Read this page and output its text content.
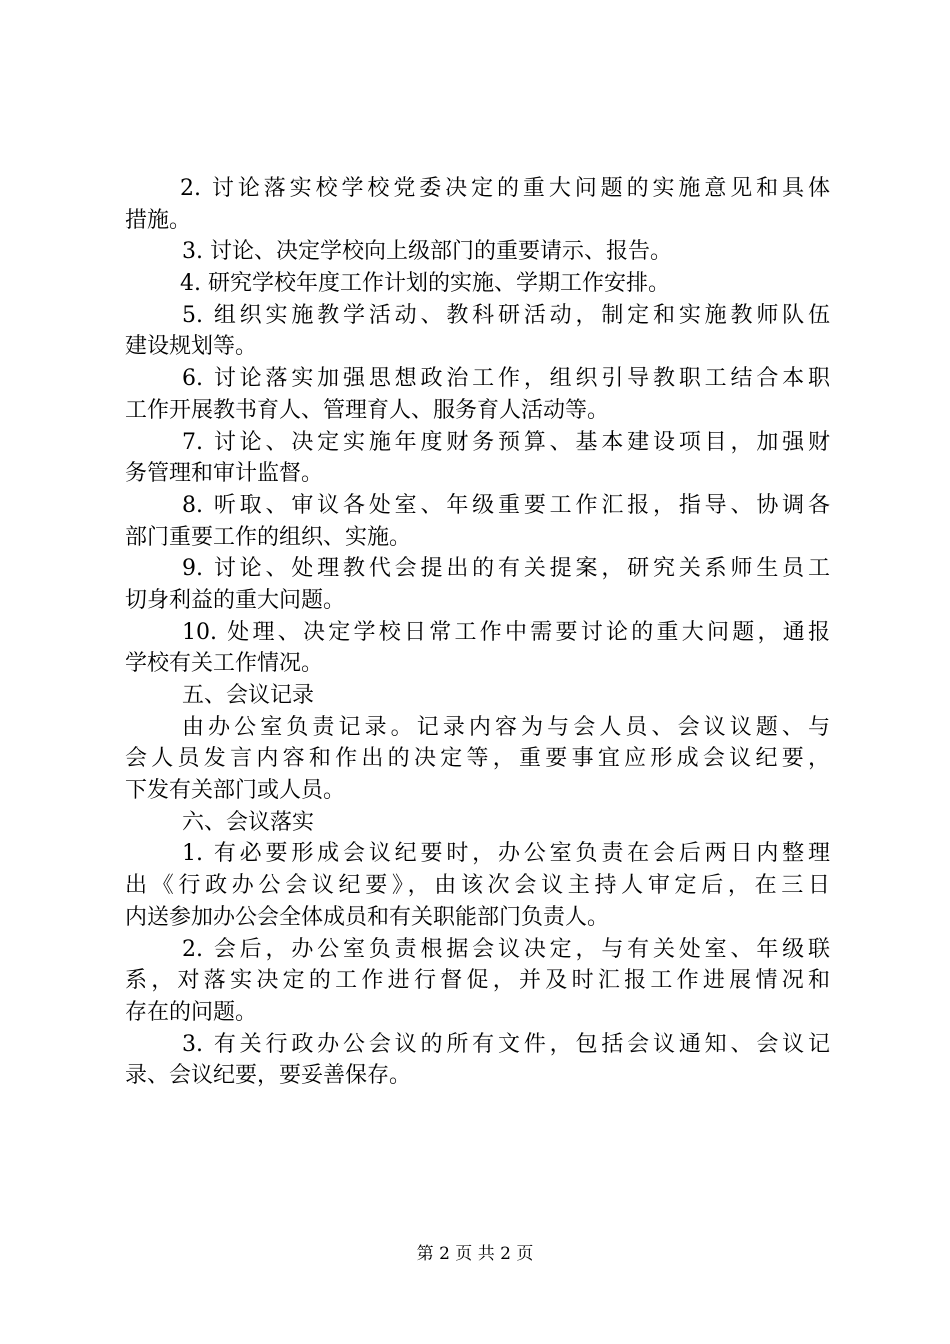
2. 讨论落实校学校党委决定的重大问题的实施意见和具体
措施。
3. 讨论、决定学校向上级部门的重要请示、报告。
4. 研究学校年度工作计划的实施、学期工作安排。
5. 组织实施教学活动、教科研活动，制定和实施教师队伍
建设规划等。
6. 讨论落实加强思想政治工作，组织引导教职工结合本职
工作开展教书育人、管理育人、服务育人活动等。
7. 讨论、决定实施年度财务预算、基本建设项目，加强财
务管理和审计监督。
8. 听取、审议各处室、年级重要工作汇报，指导、协调各
部门重要工作的组织、实施。
9. 讨论、处理教代会提出的有关提案，研究关系师生员工
切身利益的重大问题。
10. 处理、决定学校日常工作中需要讨论的重大问题，通报
学校有关工作情况。
五、会议记录
由办公室负责记录。记录内容为与会人员、会议议题、与
会人员发言内容和作出的决定等，重要事宜应形成会议纪要，
下发有关部门或人员。
六、会议落实
1. 有必要形成会议纪要时，办公室负责在会后两日内整理
出《行政办公会议纪要》，由该次会议主持人审定后，在三日
内送参加办公会全体成员和有关职能部门负责人。
2. 会后，办公室负责根据会议决定，与有关处室、年级联
系，对落实决定的工作进行督促，并及时汇报工作进展情况和
存在的问题。
3. 有关行政办公会议的所有文件，包括会议通知、会议记
录、会议纪要，要妥善保存。
第 2 页 共 2 页
